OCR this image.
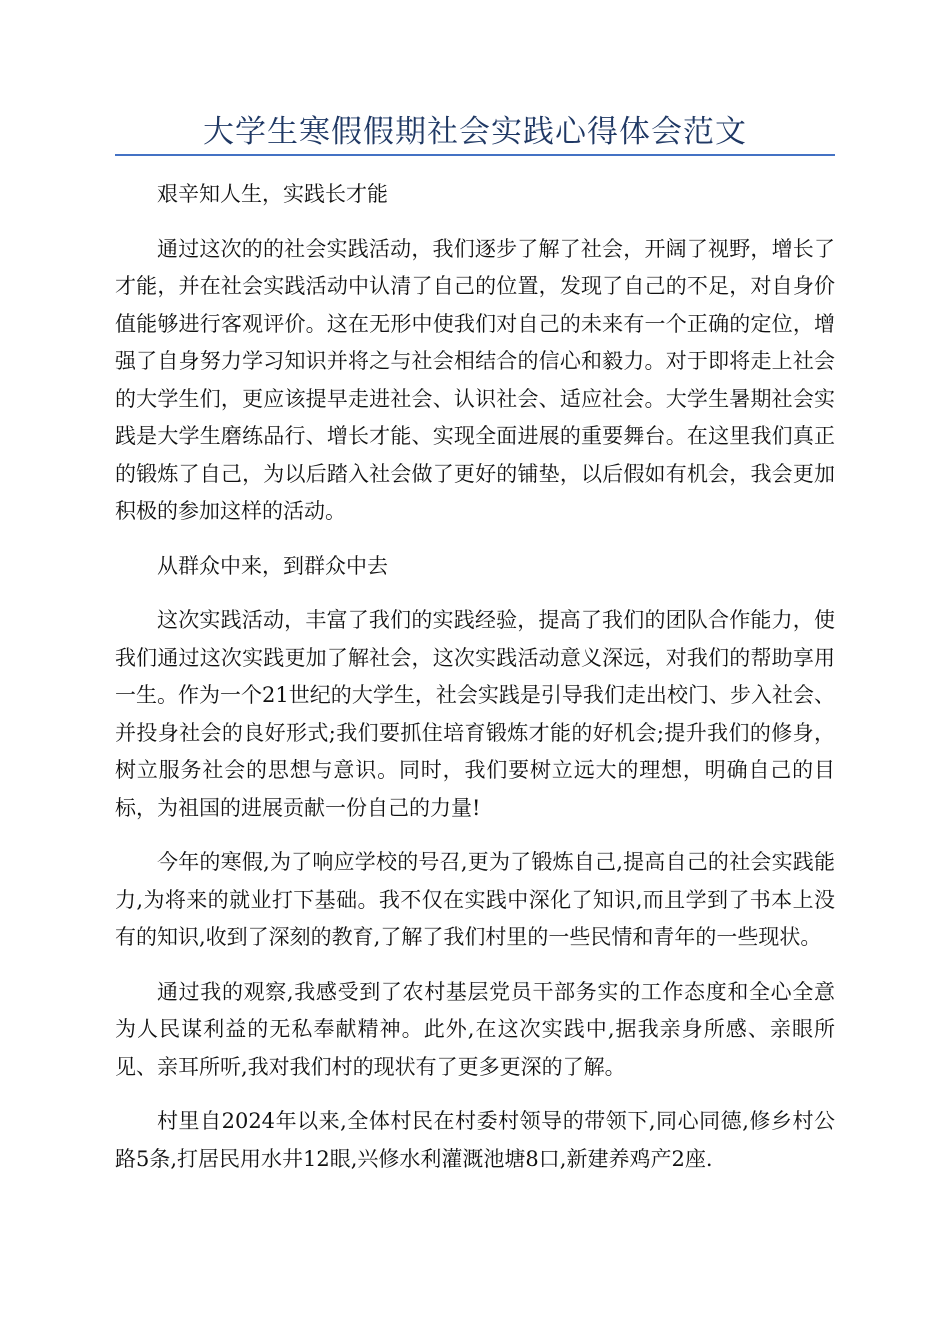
大学生寒假假期社会实践心得体会范文

艰辛知人生，实践长才能

通过这次的的社会实践活动，我们逐步了解了社会，开阔了视野，增长了才能，并在社会实践活动中认清了自己的位置，发现了自己的不足，对自身价值能够进行客观评价。这在无形中使我们对自己的未来有一个正确的定位，增强了自身努力学习知识并将之与社会相结合的信心和毅力。对于即将走上社会的大学生们，更应该提早走进社会、认识社会、适应社会。大学生暑期社会实践是大学生磨练品行、增长才能、实现全面进展的重要舞台。在这里我们真正的锻炼了自己，为以后踏入社会做了更好的铺垫，以后假如有机会，我会更加积极的参加这样的活动。

从群众中来，到群众中去

这次实践活动，丰富了我们的实践经验，提高了我们的团队合作能力，使我们通过这次实践更加了解社会，这次实践活动意义深远，对我们的帮助享用一生。作为一个21世纪的大学生，社会实践是引导我们走出校门、步入社会、并投身社会的良好形式;我们要抓住培育锻炼才能的好机会;提升我们的修身，树立服务社会的思想与意识。同时，我们要树立远大的理想，明确自己的目标，为祖国的进展贡献一份自己的力量!

今年的寒假,为了响应学校的号召,更为了锻炼自己,提高自己的社会实践能力,为将来的就业打下基础。我不仅在实践中深化了知识,而且学到了书本上没有的知识,收到了深刻的教育,了解了我们村里的一些民情和青年的一些现状。

通过我的观察,我感受到了农村基层党员干部务实的工作态度和全心全意为人民谋利益的无私奉献精神。此外,在这次实践中,据我亲身所感、亲眼所见、亲耳所听,我对我们村的现状有了更多更深的了解。

村里自2024年以来,全体村民在村委村领导的带领下,同心同德,修乡村公路5条,打居民用水井12眼,兴修水利灌溉池塘8口,新建养鸡产2座.
